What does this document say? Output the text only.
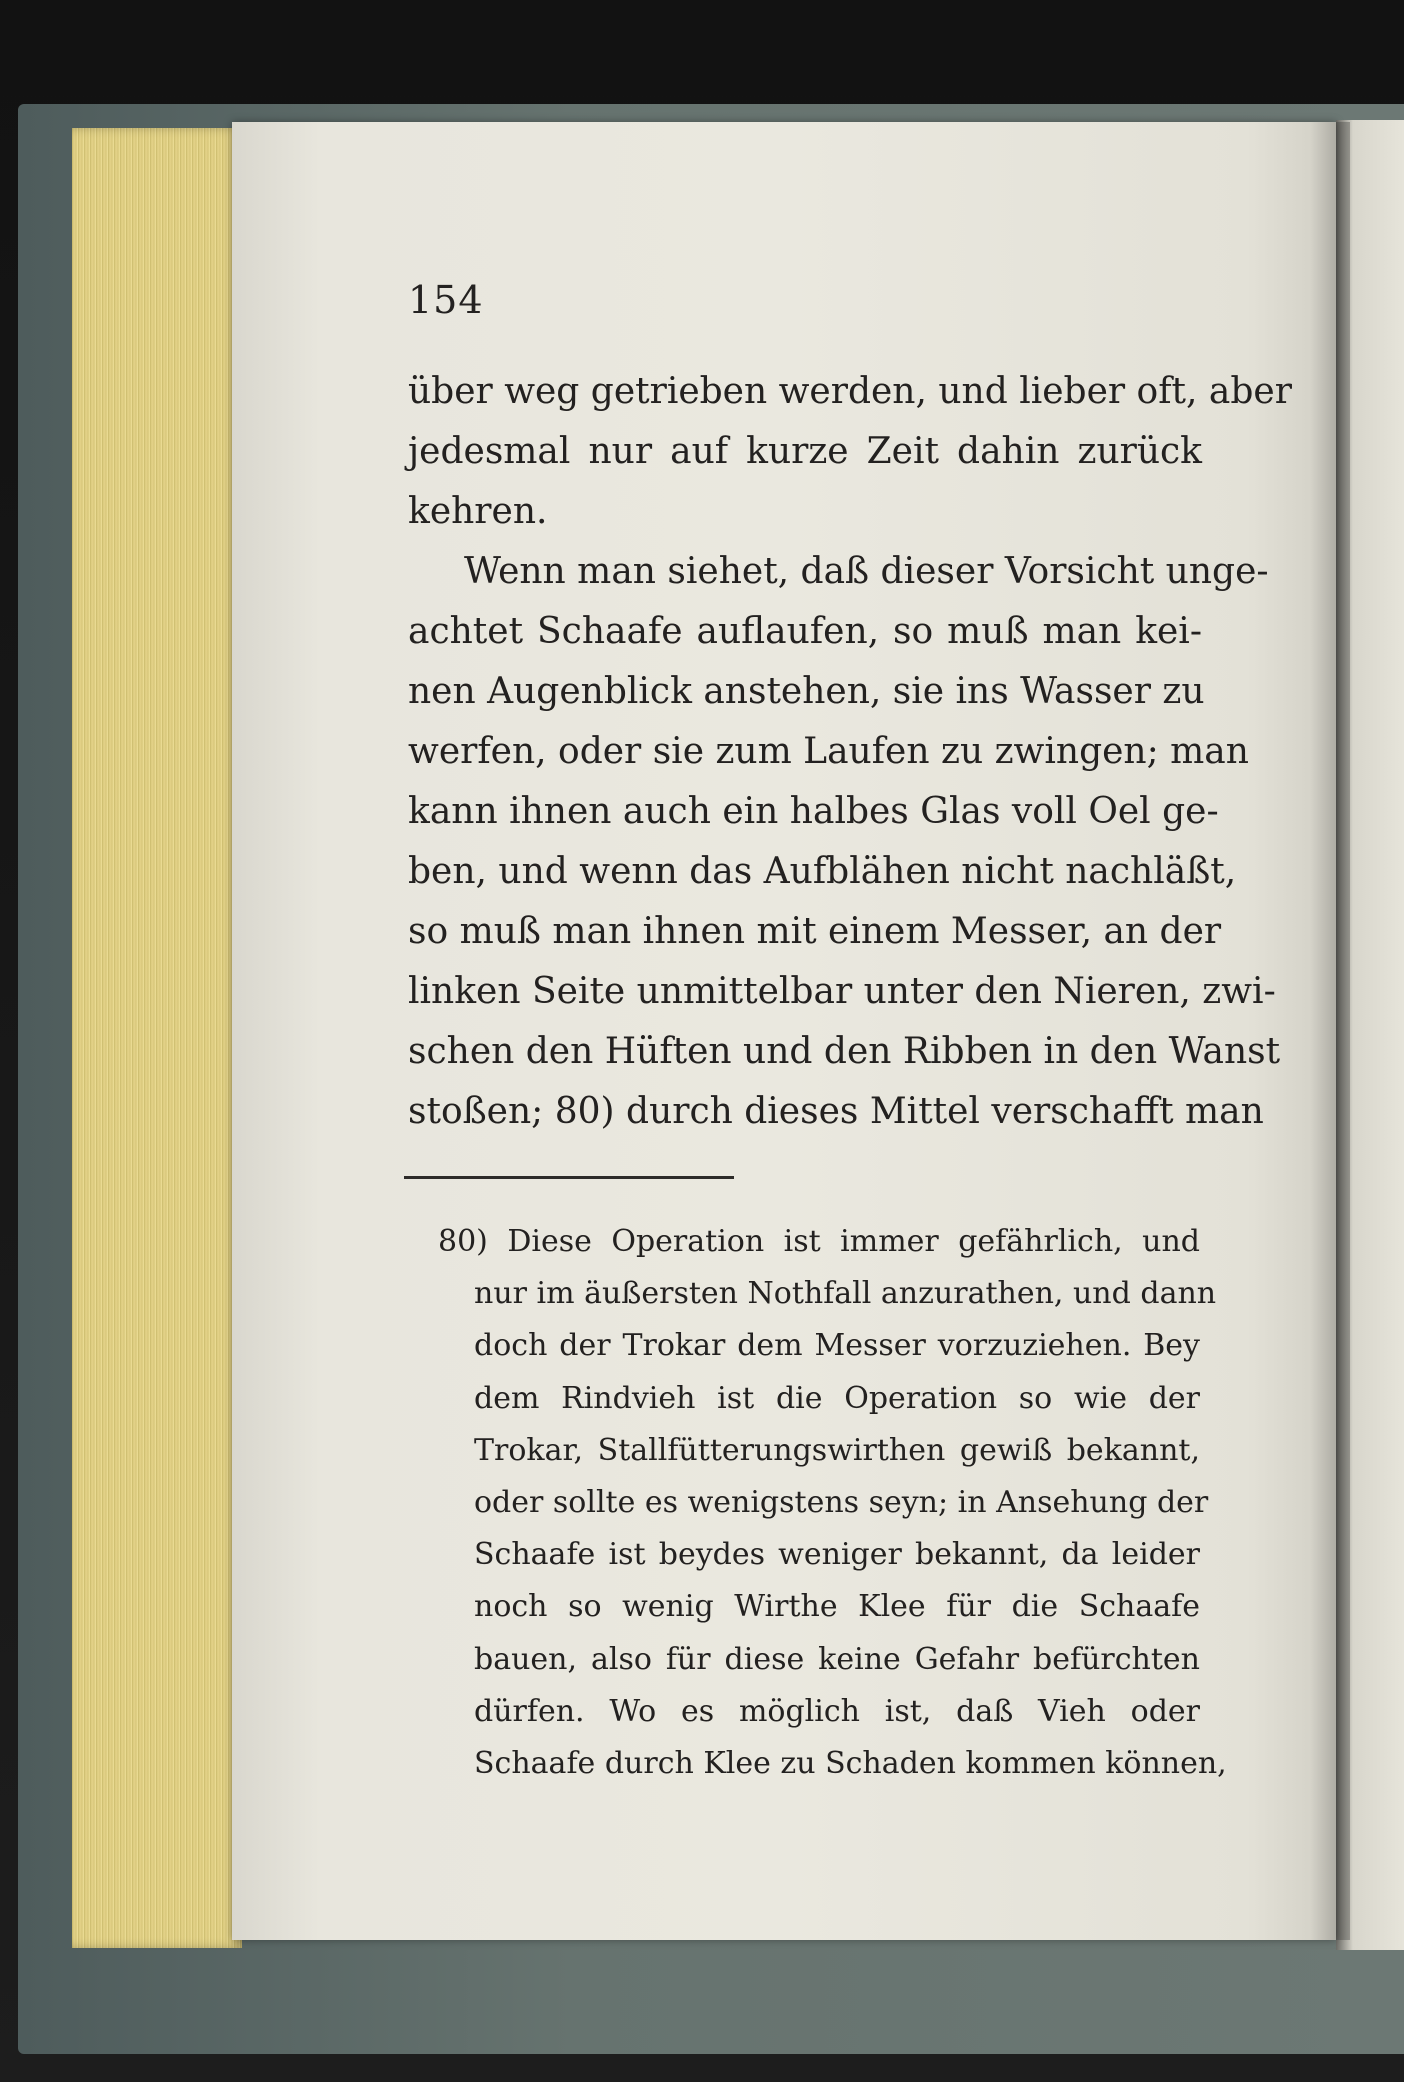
154
über weg getrieben werden, und lieber oft, aber
jedesmal nur auf kurze Zeit dahin zurück
kehren.
Wenn man siehet, daß dieser Vorsicht unge-
achtet Schaafe auflaufen, so muß man kei-
nen Augenblick anstehen, sie ins Wasser zu
werfen, oder sie zum Laufen zu zwingen; man
kann ihnen auch ein halbes Glas voll Oel ge-
ben, und wenn das Aufblähen nicht nachläßt,
so muß man ihnen mit einem Messer, an der
linken Seite unmittelbar unter den Nieren, zwi-
schen den Hüften und den Ribben in den Wanst
stoßen; 80) durch dieses Mittel verschafft man
80) Diese Operation ist immer gefährlich, und
nur im äußersten Nothfall anzurathen, und dann
doch der Trokar dem Messer vorzuziehen. Bey
dem Rindvieh ist die Operation so wie der
Trokar, Stallfütterungswirthen gewiß bekannt,
oder sollte es wenigstens seyn; in Ansehung der
Schaafe ist beydes weniger bekannt, da leider
noch so wenig Wirthe Klee für die Schaafe
bauen, also für diese keine Gefahr befürchten
dürfen. Wo es möglich ist, daß Vieh oder
Schaafe durch Klee zu Schaden kommen können,
